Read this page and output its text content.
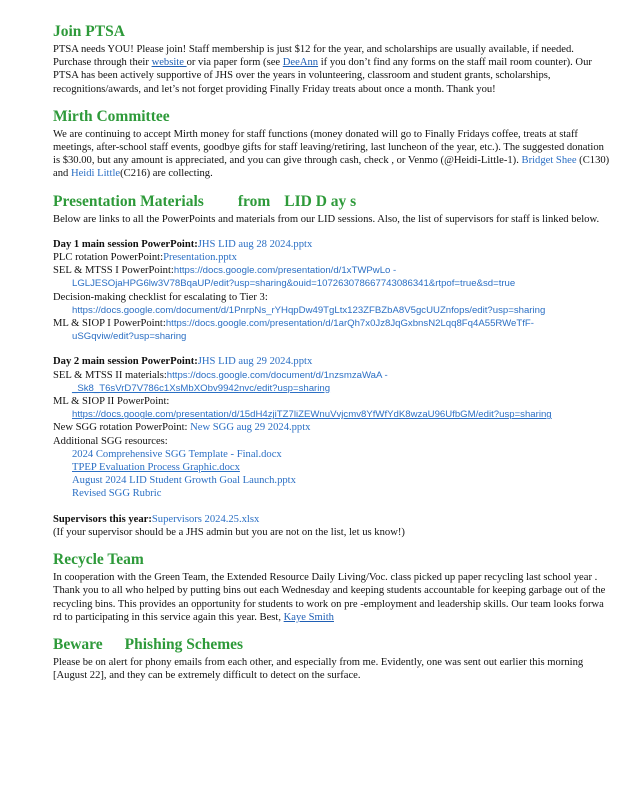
Join PTSA

PTSA needs YOU! Please join! Staff membership is just $12 for the year, and scholarships are usually available, if needed. Purchase through their website or via paper form (see DeeAnn if you don’t find any forms on the staff mail room counter). Our PTSA has been actively supportive of JHS over the years in volunteering, classroom and student grants, scholarships, recognitions/awards, and let’s not forget providing Finally Friday treats about once a month. Thank you!

Mirth Committee

We are continuing to accept Mirth money for staff functions (money donated will go to Finally Fridays coffee, treats at staff meetings, after-school staff events, goodbye gifts for staff leaving/retiring, last luncheon of the year, etc.). The suggested donation is $30.00, but any amount is appreciated, and you can give through cash, check , or Venmo (@Heidi-Little-1). Bridget Shee (C130) and Heidi Little(C216) are collecting.

Presentation Materials from LID D ay s

Below are links to all the PowerPoints and materials from our LID sessions. Also, the list of supervisors for staff is linked below.

Day 1 main session PowerPoint:JHS LID aug 28 2024.pptx
PLC rotation PowerPoint:Presentation.pptx
SEL & MTSS I PowerPoint:https://docs.google.com/presentation/d/1xTWPwLo -
LGLJESOjaHPG6lw3V78BqaUP/edit?usp=sharing&ouid=107263078667743086341&rtpof=true&sd=true
Decision-making checklist for escalating to Tier 3:
https://docs.google.com/document/d/1PnrpNs_rYHqpDw49TgLtx123ZFBZbA8V5gcUUZnfops/edit?usp=sharing
ML & SIOP I PowerPoint:https://docs.google.com/presentation/d/1arQh7x0Jz8JqGxbnsN2Lqq8Fq4A55RWeTfF-
uSGqviw/edit?usp=sharing
Day 2 main session PowerPoint:JHS LID aug 29 2024.pptx
SEL & MTSS II materials:https://docs.google.com/document/d/1nzsmzaWaA -
_Sk8_T6sVrD7V786c1XsMbXObv9942nvc/edit?usp=sharing
ML & SIOP II PowerPoint:
https://docs.google.com/presentation/d/15dH4zjiTZ7liZEWnuVvjcmv8YfWfYdK8wzaU96UfbGM/edit?usp=sharing
New SGG rotation PowerPoint: New SGG aug 29 2024.pptx
Additional SGG resources:
2024 Comprehensive SGG Template - Final.docx
TPEP Evaluation Process Graphic.docx
August 2024 LID Student Growth Goal Launch.pptx
Revised SGG Rubric
Supervisors this year:Supervisors 2024.25.xlsx
(If your supervisor should be a JHS admin but you are not on the list, let us know!)
Recycle Team

In cooperation with the Green Team, the Extended Resource Daily Living/Voc. class picked up paper recycling last school year . Thank you to all who helped by putting bins out each Wednesday and keeping students accountable for keeping garbage out of the recycling bins. This provides an opportunity for students to work on pre -employment and leadership skills. Our team looks forwa rd to participating in this service again this year. Best, Kaye Smith

Beware Phishing Schemes

Please be on alert for phony emails from each other, and especially from me. Evidently, one was sent out earlier this morning [August 22], and they can be extremely difficult to detect on the surface.
